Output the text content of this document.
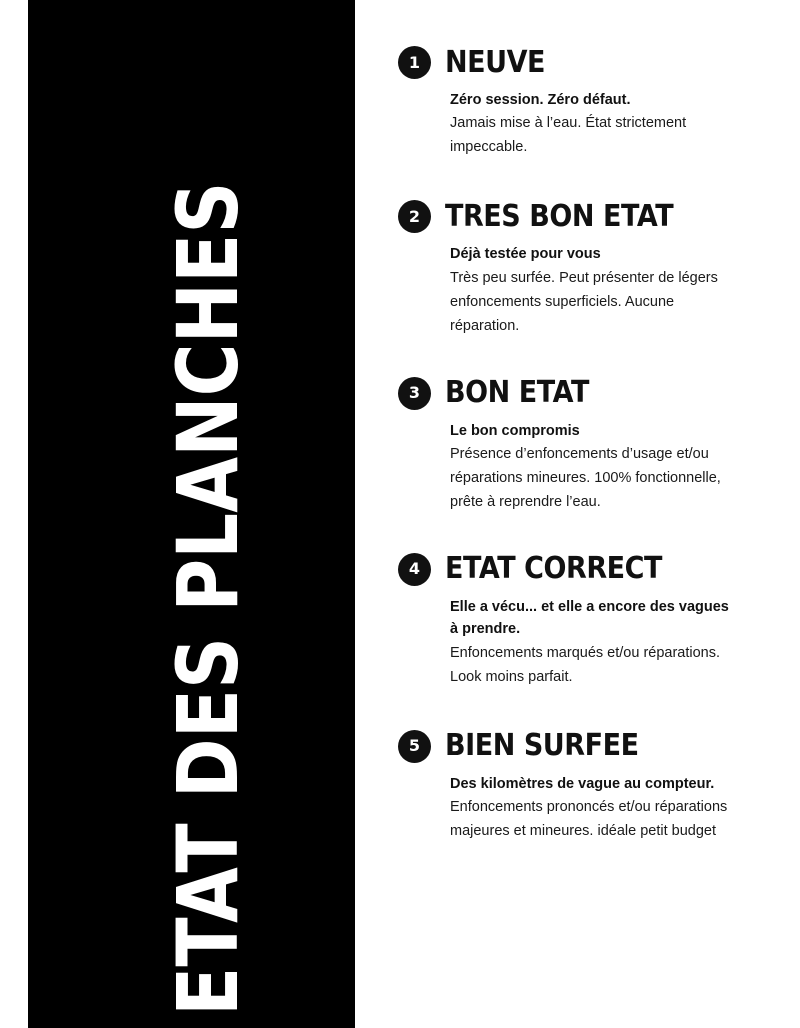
ETAT DES PLANCHES
1 NEUVE

Zéro session. Zéro défaut.

Jamais mise à l’eau. État strictement impeccable.

2 TRES BON ETAT

Déjà testée pour vous

Très peu surfée. Peut présenter de légers enfoncements superficiels. Aucune réparation.

3 BON ETAT

Le bon compromis

Présence d’enfoncements d’usage et/ou réparations mineures. 100% fonctionnelle, prête à reprendre l’eau.

4 ETAT CORRECT

Elle a vécu... et elle a encore des vagues à prendre.

Enfoncements marqués et/ou réparations. Look moins parfait.

5 BIEN SURFEE

Des kilomètres de vague au compteur.

Enfoncements prononcés et/ou réparations majeures et mineures. idéale petit budget
